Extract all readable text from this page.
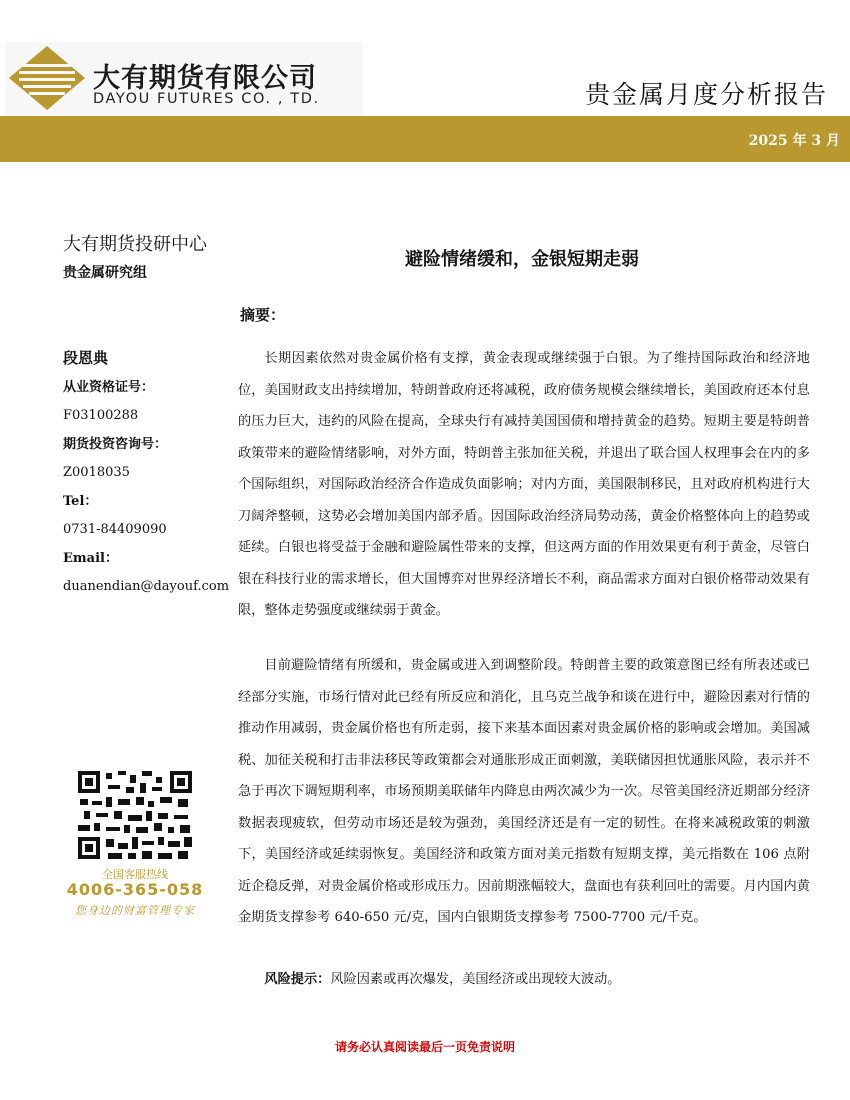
大有期货有限公司
DAYOU FUTURES CO. , TD.	贵金属月度分析报告
2025 年 3 月
大有期货投研中心
贵金属研究组
段恩典
从业资格证号：
F03100288
期货投资咨询号：
Z0018035
Tel：
0731-84409090
Email：
duanendian@dayouf.com
全国客服热线
4006-365-058
您身边的财富管理专家
避险情绪缓和，金银短期走弱
摘要：

长期因素依然对贵金属价格有支撑，黄金表现或继续强于白银。为了维持国际政治和经济地位，美国财政支出持续增加，特朗普政府还将减税，政府债务规模会继续增长，美国政府还本付息的压力巨大，违约的风险在提高，全球央行有减持美国国债和增持黄金的趋势。短期主要是特朗普政策带来的避险情绪影响，对外方面，特朗普主张加征关税，并退出了联合国人权理事会在内的多个国际组织，对国际政治经济合作造成负面影响；对内方面，美国限制移民，且对政府机构进行大刀阔斧整顿，这势必会增加美国内部矛盾。因国际政治经济局势动荡，黄金价格整体向上的趋势或延续。白银也将受益于金融和避险属性带来的支撑，但这两方面的作用效果更有利于黄金，尽管白银在科技行业的需求增长，但大国博弈对世界经济增长不利，商品需求方面对白银价格带动效果有限，整体走势强度或继续弱于黄金。

目前避险情绪有所缓和，贵金属或进入到调整阶段。特朗普主要的政策意图已经有所表述或已经部分实施，市场行情对此已经有所反应和消化，且乌克兰战争和谈在进行中，避险因素对行情的推动作用减弱，贵金属价格也有所走弱，接下来基本面因素对贵金属价格的影响或会增加。美国减税、加征关税和打击非法移民等政策都会对通胀形成正面刺激，美联储因担忧通胀风险，表示并不急于再次下调短期利率，市场预期美联储年内降息由两次减少为一次。尽管美国经济近期部分经济数据表现疲软，但劳动市场还是较为强劲，美国经济还是有一定的韧性。在将来减税政策的刺激下，美国经济或延续弱恢复。美国经济和政策方面对美元指数有短期支撑，美元指数在 106 点附近企稳反弹，对贵金属价格或形成压力。因前期涨幅较大，盘面也有获利回吐的需要。月内国内黄金期货支撑参考 640-650 元/克，国内白银期货支撑参考 7500-7700 元/千克。

风险提示：风险因素或再次爆发，美国经济或出现较大波动。

请务必认真阅读最后一页免责说明
